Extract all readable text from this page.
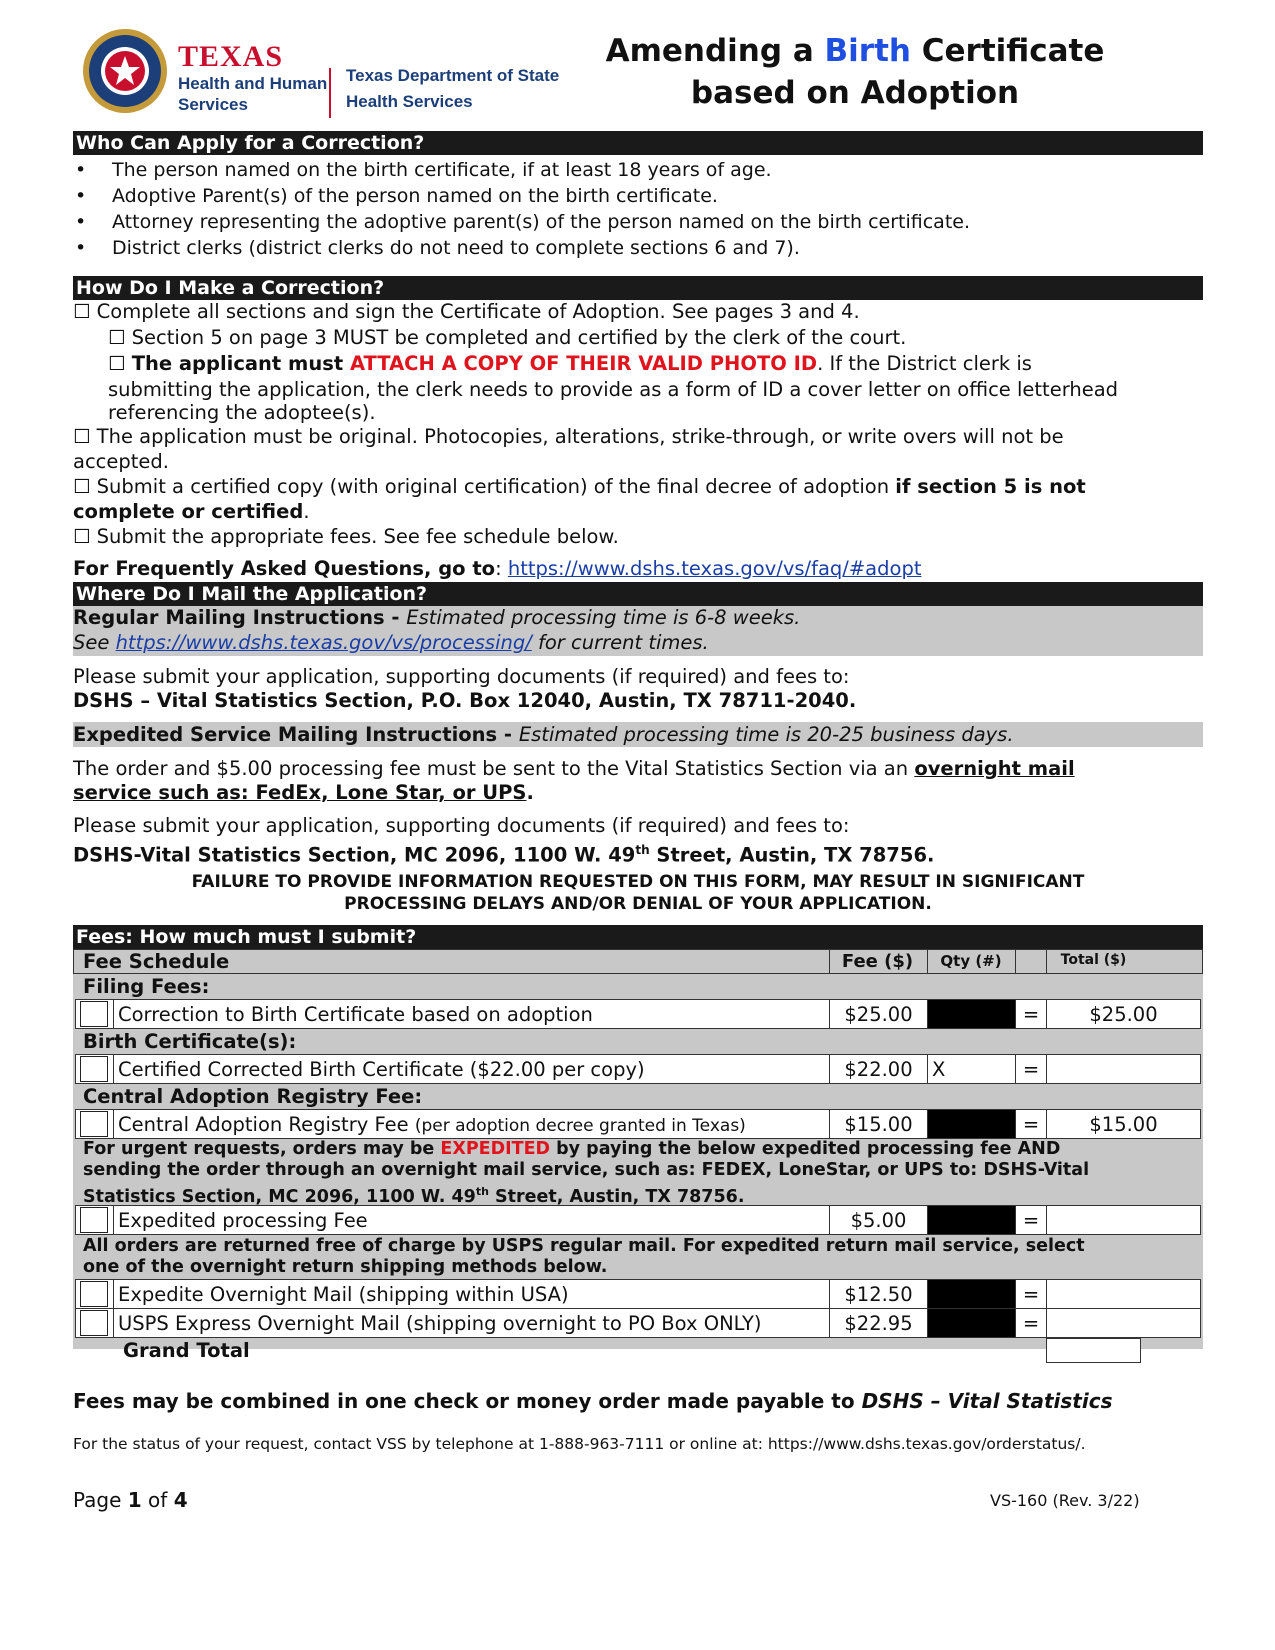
TEXAS
Health and Human
Services
Texas Department of State
Health Services
Amending a Birth Certificate
based on Adoption
Who Can Apply for a Correction?
• The person named on the birth certificate, if at least 18 years of age.
• Adoptive Parent(s) of the person named on the birth certificate.
• Attorney representing the adoptive parent(s) of the person named on the birth certificate.
• District clerks (district clerks do not need to complete sections 6 and 7).
How Do I Make a Correction?
☐ Complete all sections and sign the Certificate of Adoption. See pages 3 and 4.
☐ Section 5 on page 3 MUST be completed and certified by the clerk of the court.
☐ The applicant must ATTACH A COPY OF THEIR VALID PHOTO ID. If the District clerk is
submitting the application, the clerk needs to provide as a form of ID a cover letter on office letterhead
referencing the adoptee(s).
☐ The application must be original. Photocopies, alterations, strike-through, or write overs will not be
accepted.
☐ Submit a certified copy (with original certification) of the final decree of adoption if section 5 is not
complete or certified.
☐ Submit the appropriate fees. See fee schedule below.
For Frequently Asked Questions, go to: https://www.dshs.texas.gov/vs/faq/#adopt
Where Do I Mail the Application?
Regular Mailing Instructions - Estimated processing time is 6-8 weeks.
See https://www.dshs.texas.gov/vs/processing/ for current times.
Please submit your application, supporting documents (if required) and fees to:
DSHS – Vital Statistics Section, P.O. Box 12040, Austin, TX 78711-2040.
Expedited Service Mailing Instructions - Estimated processing time is 20-25 business days.
The order and $5.00 processing fee must be sent to the Vital Statistics Section via an overnight mail
service such as: FedEx, Lone Star, or UPS.
Please submit your application, supporting documents (if required) and fees to:
DSHS-Vital Statistics Section, MC 2096, 1100 W. 49th Street, Austin, TX 78756.
FAILURE TO PROVIDE INFORMATION REQUESTED ON THIS FORM, MAY RESULT IN SIGNIFICANT
PROCESSING DELAYS AND/OR DENIAL OF YOUR APPLICATION.
Fees: How much must I submit?
Fee Schedule	Fee ($)	Qty (#)	Total ($)
Filing Fees:
	Correction to Birth Certificate based on adoption	$25.00		=	$25.00
Birth Certificate(s):
	Certified Corrected Birth Certificate ($22.00 per copy)	$22.00	X	=	
Central Adoption Registry Fee:
	Central Adoption Registry Fee (per adoption decree granted in Texas)	$15.00		=	$15.00
For urgent requests, orders may be EXPEDITED by paying the below expedited processing fee AND
sending the order through an overnight mail service, such as: FEDEX, LoneStar, or UPS to: DSHS-Vital
Statistics Section, MC 2096, 1100 W. 49th Street, Austin, TX 78756.
	Expedited processing Fee	$5.00		=	
All orders are returned free of charge by USPS regular mail. For expedited return mail service, select
one of the overnight return shipping methods below.
	Expedite Overnight Mail (shipping within USA)	$12.50		=	
	USPS Express Overnight Mail (shipping overnight to PO Box ONLY)	$22.95		=	
Grand Total
Fees may be combined in one check or money order made payable to DSHS – Vital Statistics
For the status of your request, contact VSS by telephone at 1-888-963-7111 or online at: https://www.dshs.texas.gov/orderstatus/.
Page 1 of 4	VS-160 (Rev. 3/22)
